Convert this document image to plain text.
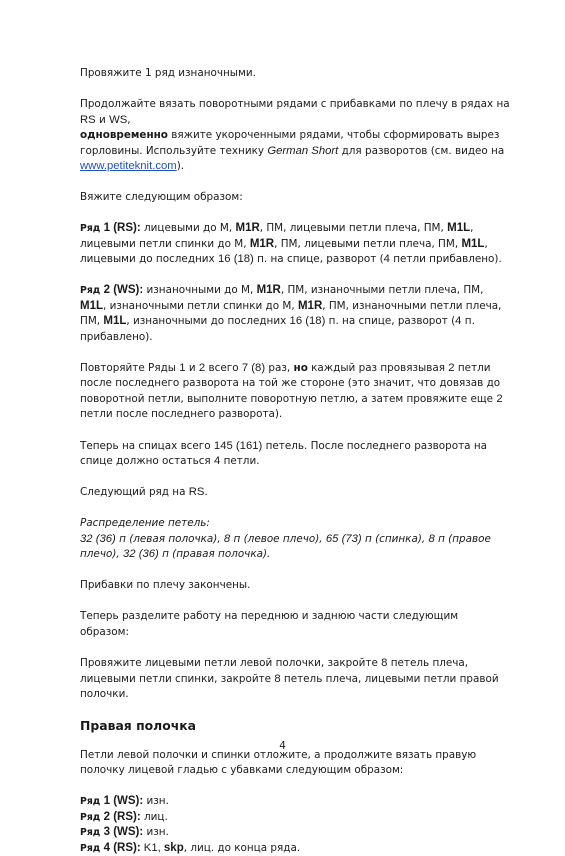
Провяжите 1 ряд изнаночными.

Продолжайте вязать поворотными рядами с прибавками по плечу в рядах на RS и WS,
одновременно вяжите укороченными рядами, чтобы сформировать вырез горловины. Используйте технику German Short для разворотов (см. видео на www.petiteknit.com).

Вяжите следующим образом:

Ряд 1 (RS): лицевыми до М, M1R, ПМ, лицевыми петли плеча, ПМ, M1L, лицевыми петли спинки до М, M1R, ПМ, лицевыми петли плеча, ПМ, M1L, лицевыми до последних 16 (18) п. на спице, разворот (4 петли прибавлено).

Ряд 2 (WS): изнаночными до М, M1R, ПМ, изнаночными петли плеча, ПМ, M1L, изнаночными петли спинки до М, M1R, ПМ, изнаночными петли плеча, ПМ, M1L, изнаночными до последних 16 (18) п. на спице, разворот (4 п. прибавлено).

Повторяйте Ряды 1 и 2 всего 7 (8) раз, но каждый раз провязывая 2 петли после последнего разворота на той же стороне (это значит, что довязав до поворотной петли, выполните поворотную петлю, а затем провяжите еще 2 петли после последнего разворота).

Теперь на спицах всего 145 (161) петель. После последнего разворота на спице должно остаться 4 петли.

Следующий ряд на RS.

Распределение петель:
32 (36) п (левая полочка), 8 п (левое плечо), 65 (73) п (спинка), 8 п (правое плечо), 32 (36) п (правая полочка).

Прибавки по плечу закончены.

Теперь разделите работу на переднюю и заднюю части следующим образом:

Провяжите лицевыми петли левой полочки, закройте 8 петель плеча, лицевыми петли спинки, закройте 8 петель плеча, лицевыми петли правой полочки.

Правая полочка

Петли левой полочки и спинки отложите, а продолжите вязать правую полочку лицевой гладью с убавками следующим образом:

Ряд 1 (WS): изн.

Ряд 2 (RS): лиц.

Ряд 3 (WS): изн.

Ряд 4 (RS): K1, skp, лиц. до конца ряда.

4
